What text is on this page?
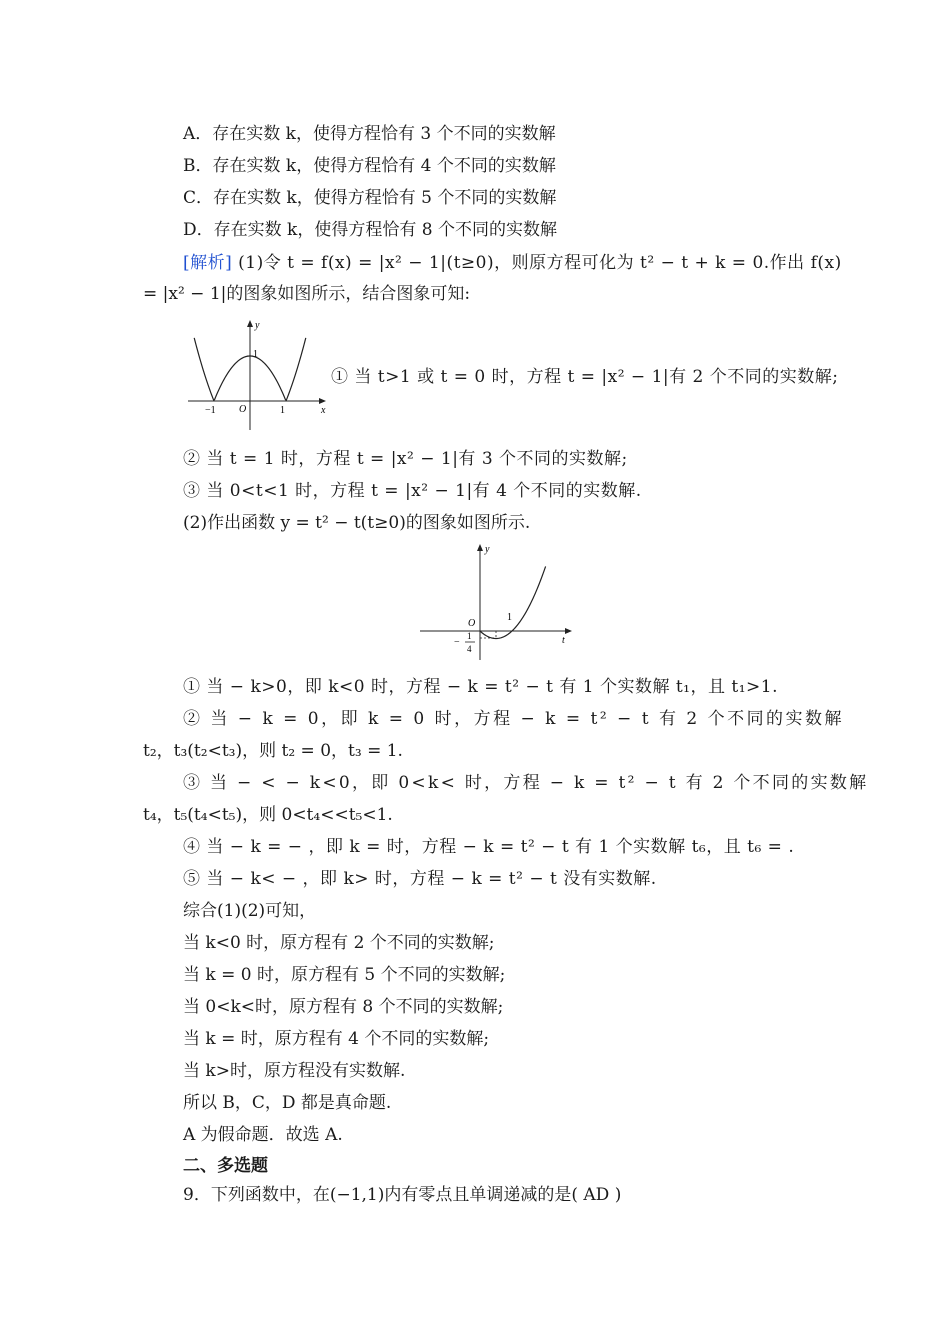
A．存在实数 k，使得方程恰有 3 个不同的实数解
B．存在实数 k，使得方程恰有 4 个不同的实数解
C．存在实数 k，使得方程恰有 5 个不同的实数解
D．存在实数 k，使得方程恰有 8 个不同的实数解
[解析] (1)令 t = f(x) = |x² − 1|(t≥0)，则原方程可化为 t² − t + k = 0.作出 f(x)
= |x² − 1|的图象如图所示，结合图象可知:
y
x
O
−1	1
1
① 当 t>1 或 t = 0 时，方程 t = |x² − 1|有 2 个不同的实数解;
② 当 t = 1 时，方程 t = |x² − 1|有 3 个不同的实数解;
③ 当 0<t<1 时，方程 t = |x² − 1|有 4 个不同的实数解.
(2)作出函数 y = t² − t(t≥0)的图象如图所示.
y
t
O
1
−
1
4
① 当 − k>0，即 k<0 时，方程 − k = t² − t 有 1 个实数解 t₁，且 t₁>1.
② 当 − k = 0，即 k = 0 时，方程 − k = t² − t 有 2 个不同的实数解
t₂，t₃(t₂<t₃)，则 t₂ = 0，t₃ = 1.
③ 当 − < − k<0，即 0<k< 时，方程 − k = t² − t 有 2 个不同的实数解
t₄，t₅(t₄<t₅)，则 0<t₄<<t₅<1.
④ 当 − k = − ，即 k = 时，方程 − k = t² − t 有 1 个实数解 t₆，且 t₆ = .
⑤ 当 − k< − ，即 k> 时，方程 − k = t² − t 没有实数解.
综合(1)(2)可知，
当 k<0 时，原方程有 2 个不同的实数解;
当 k = 0 时，原方程有 5 个不同的实数解;
当 0<k<时，原方程有 8 个不同的实数解;
当 k = 时，原方程有 4 个不同的实数解;
当 k>时，原方程没有实数解.
所以 B，C，D 都是真命题.
A 为假命题．故选 A.
二、多选题
9．下列函数中，在(−1,1)内有零点且单调递减的是( AD )
